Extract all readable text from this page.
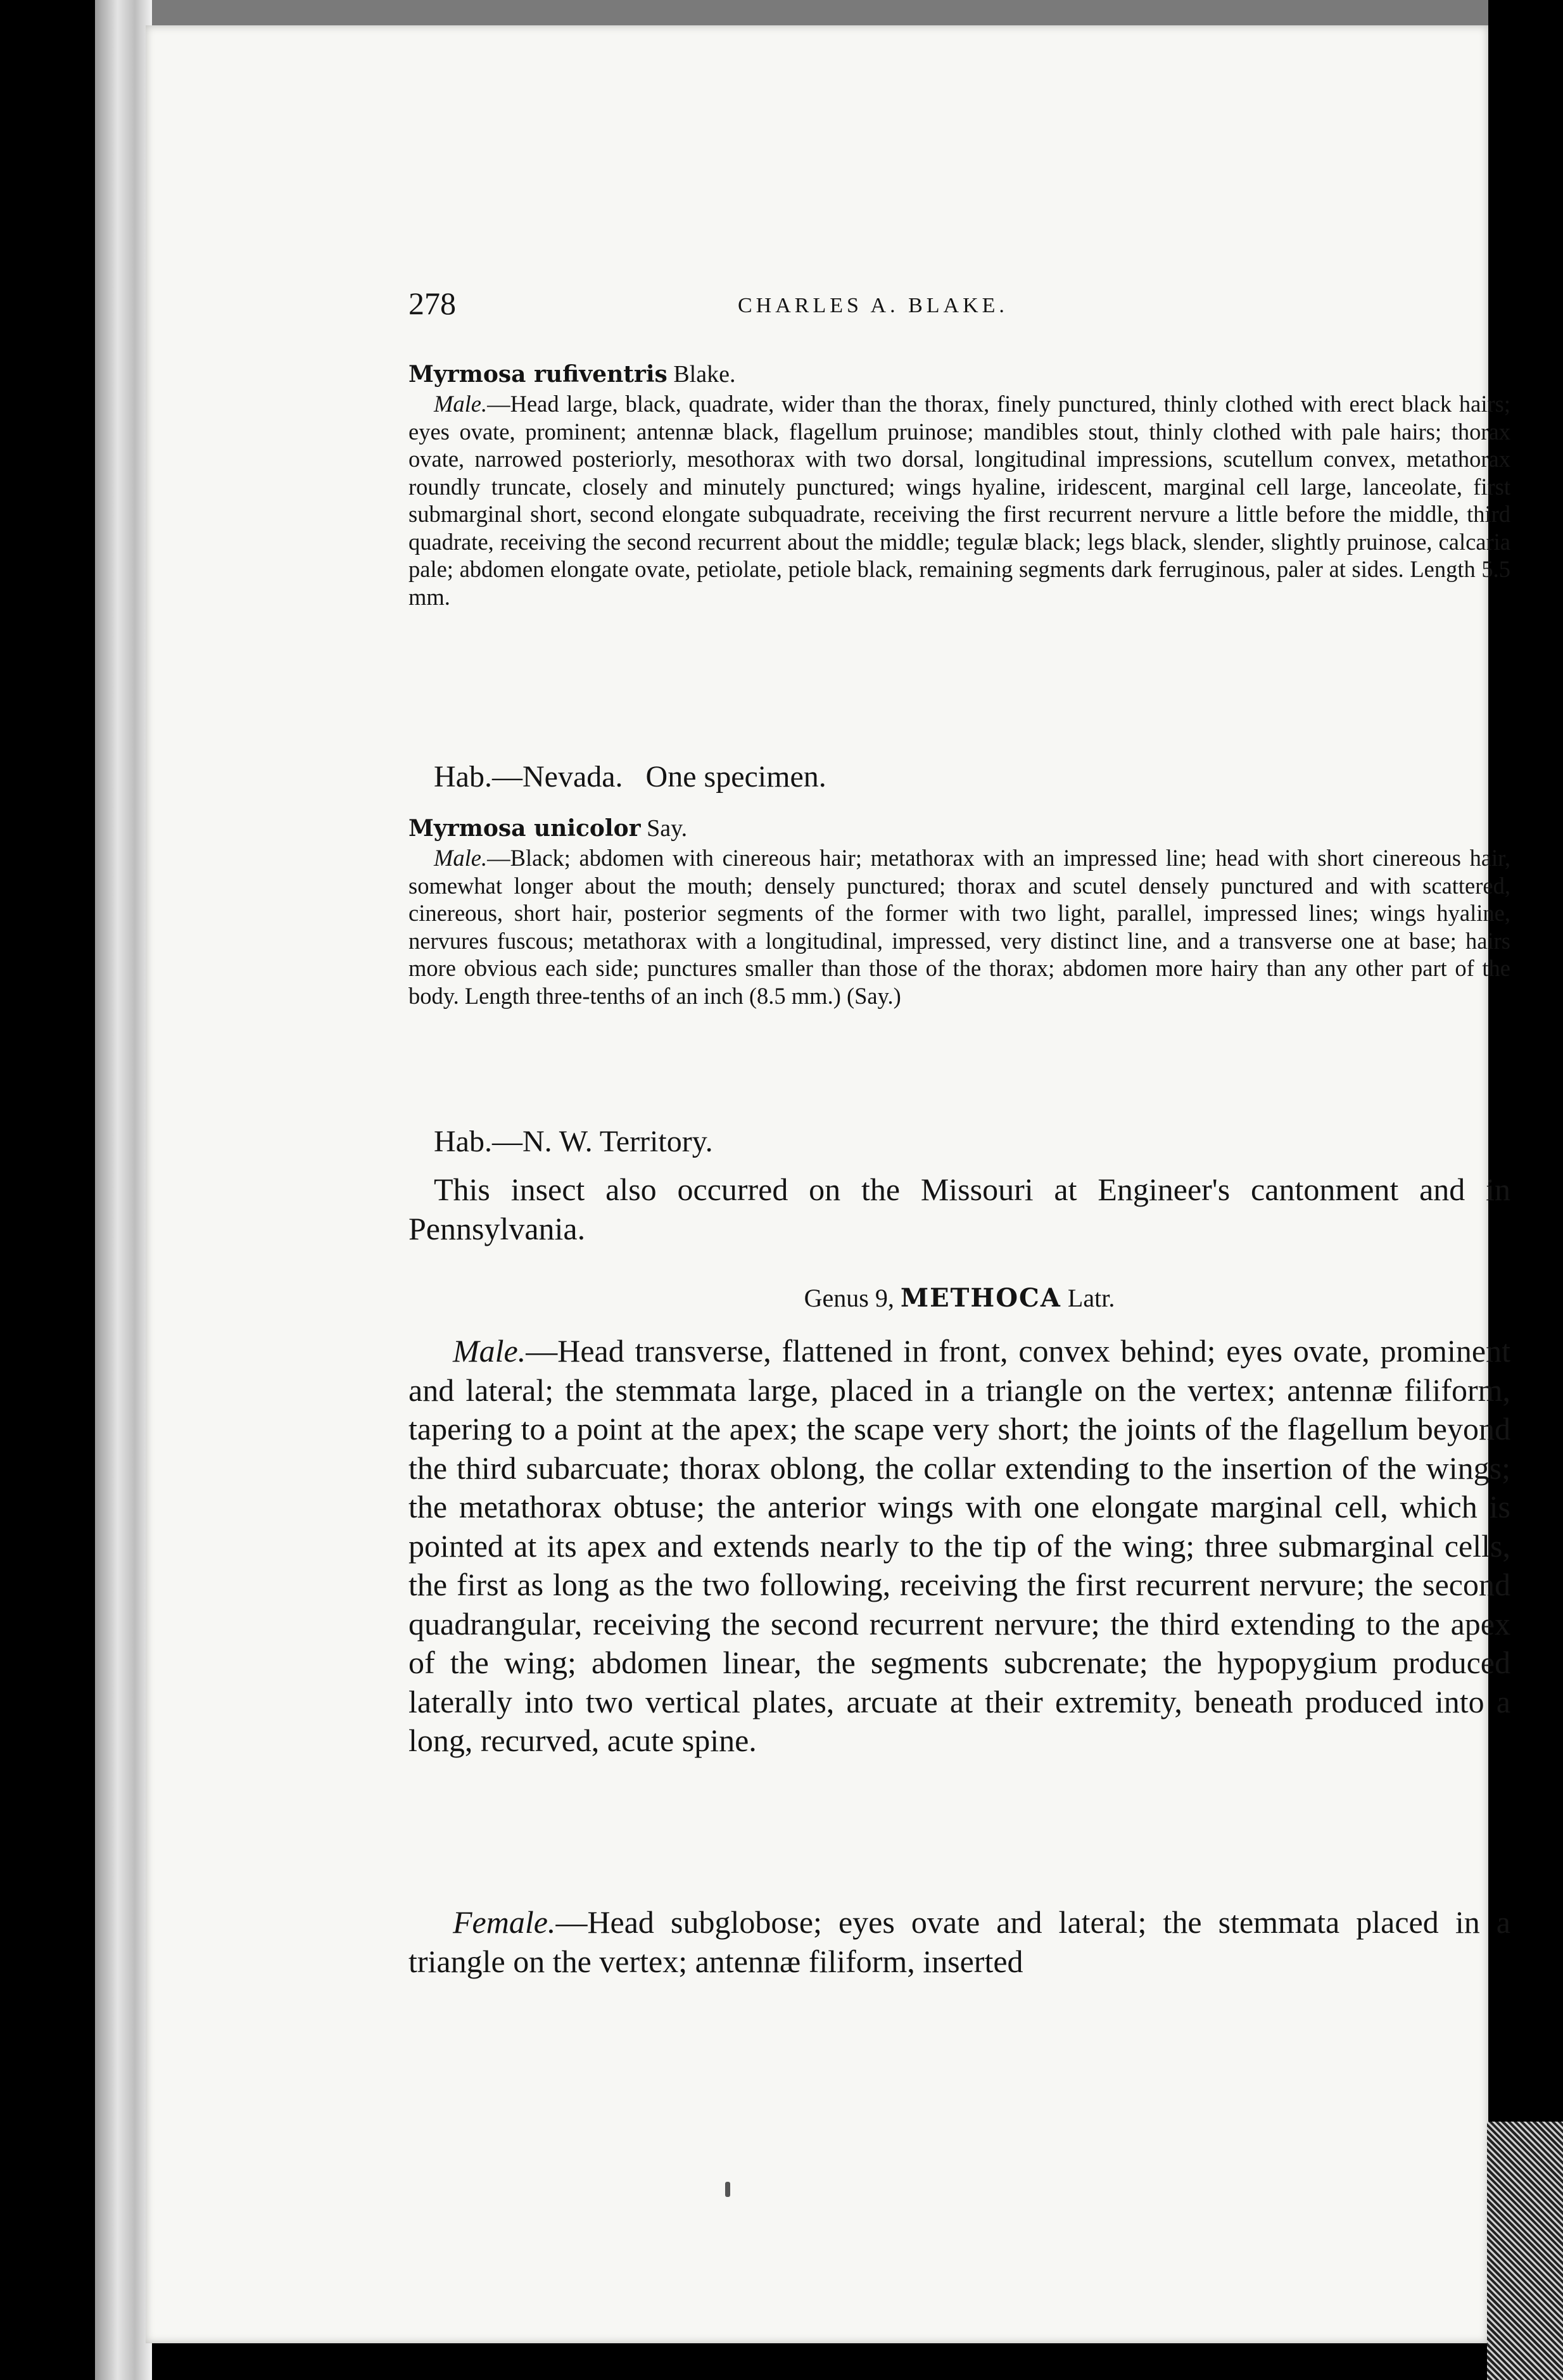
278	CHARLES A. BLAKE.
Myrmosa rufiventris Blake.
Male.—Head large, black, quadrate, wider than the thorax, finely punctured, thinly clothed with erect black hairs; eyes ovate, prominent; antennæ black, flagellum pruinose; mandibles stout, thinly clothed with pale hairs; thorax ovate, narrowed posteriorly, mesothorax with two dorsal, longitudinal impressions, scutellum convex, metathorax roundly truncate, closely and minutely punctured; wings hyaline, iridescent, marginal cell large, lanceolate, first submarginal short, second elongate subquadrate, receiving the first recurrent nervure a little before the middle, third quadrate, receiving the second recurrent about the middle; tegulæ black; legs black, slender, slightly pruinose, calcaria pale; abdomen elongate ovate, petiolate, petiole black, remaining segments dark ferruginous, paler at sides. Length 5.5 mm.
Hab.—Nevada.   One specimen.
Myrmosa unicolor Say.
Male.—Black; abdomen with cinereous hair; metathorax with an impressed line; head with short cinereous hair, somewhat longer about the mouth; densely punctured; thorax and scutel densely punctured and with scattered, cinereous, short hair, posterior segments of the former with two light, parallel, impressed lines; wings hyaline, nervures fuscous; metathorax with a longitudinal, impressed, very distinct line, and a transverse one at base; hairs more obvious each side; punctures smaller than those of the thorax; abdomen more hairy than any other part of the body. Length three-tenths of an inch (8.5 mm.) (Say.)
Hab.—N. W. Territory.
This insect also occurred on the Missouri at Engineer's cantonment and in Pennsylvania.
Genus 9, METHOCA Latr.
Male.—Head transverse, flattened in front, convex behind; eyes ovate, prominent and lateral; the stemmata large, placed in a triangle on the vertex; antennæ filiform, tapering to a point at the apex; the scape very short; the joints of the flagellum beyond the third subarcuate; thorax oblong, the collar extending to the insertion of the wings; the metathorax obtuse; the anterior wings with one elongate marginal cell, which is pointed at its apex and extends nearly to the tip of the wing; three submarginal cells, the first as long as the two following, receiving the first recurrent nervure; the second quadrangular, receiving the second recurrent nervure; the third extending to the apex of the wing; abdomen linear, the segments subcrenate; the hypopygium produced laterally into two vertical plates, arcuate at their extremity, beneath produced into a long, recurved, acute spine.
Female.—Head subglobose; eyes ovate and lateral; the stemmata placed in a triangle on the vertex; antennæ filiform, inserted
